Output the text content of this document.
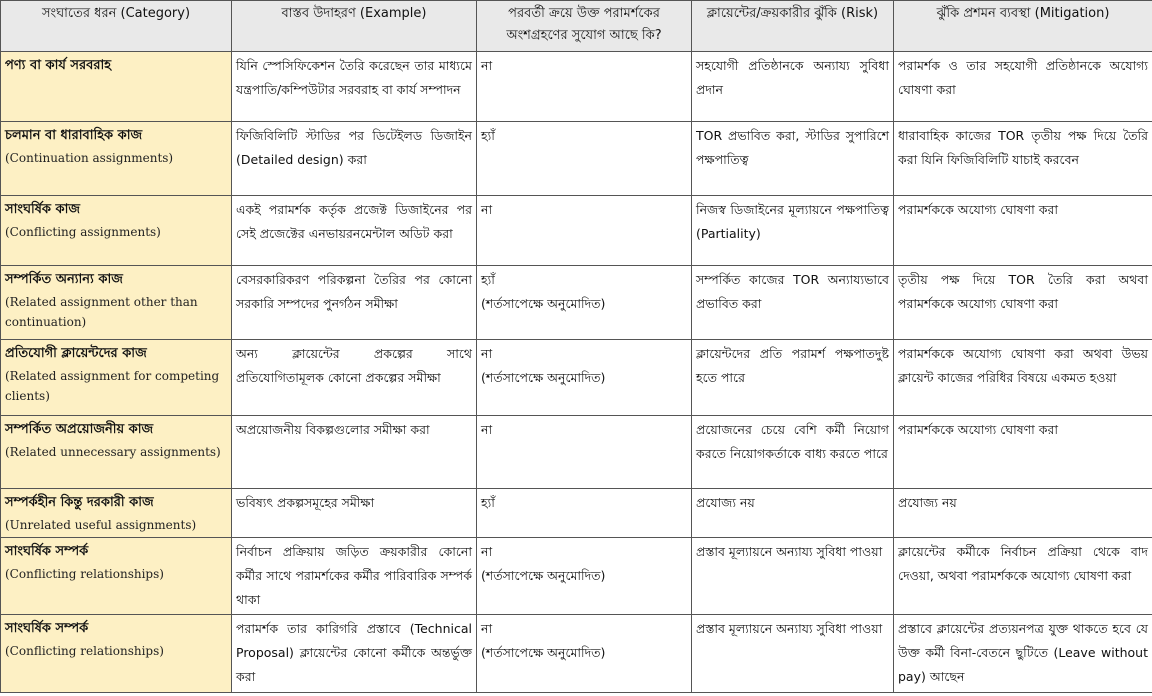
সংঘাতের ধরন (Category)	বাস্তব উদাহরণ (Example)	পরবর্তী ক্রয়ে উক্ত পরামর্শকের অংশগ্রহণের সুযোগ আছে কি?	ক্লায়েন্টের/ক্রয়কারীর ঝুঁকি (Risk)	ঝুঁকি প্রশমন ব্যবস্থা (Mitigation)

পণ্য বা কার্য সরবরাহ	যিনি স্পেসিফিকেশন তৈরি করেছেন তার মাধ্যমে যন্ত্রপাতি/কম্পিউটার সরবরাহ বা কার্য সম্পাদন	না	সহযোগী প্রতিষ্ঠানকে অন্যায্য সুবিধা প্রদান	পরামর্শক ও তার সহযোগী প্রতিষ্ঠানকে অযোগ্য ঘোষণা করা

চলমান বা ধারাবাহিক কাজ
(Continuation assignments)	ফিজিবিলিটি স্টাডির পর ডিটেইলড ডিজাইন (Detailed design) করা	হ্যাঁ	TOR প্রভাবিত করা, স্টাডির সুপারিশে পক্ষপাতিত্ব	ধারাবাহিক কাজের TOR তৃতীয় পক্ষ দিয়ে তৈরি করা যিনি ফিজিবিলিটি যাচাই করবেন

সাংঘর্ষিক কাজ
(Conflicting assignments)	একই পরামর্শক কর্তৃক প্রজেক্ট ডিজাইনের পর সেই প্রজেক্টের এনভায়রনমেন্টাল অডিট করা	না	নিজস্ব ডিজাইনের মূল্যায়নে পক্ষপাতিত্ব (Partiality)	পরামর্শককে অযোগ্য ঘোষণা করা

সম্পর্কিত অন্যান্য কাজ
(Related assignment other than continuation)	বেসরকারিকরণ পরিকল্পনা তৈরির পর কোনো সরকারি সম্পদের পুনর্গঠন সমীক্ষা	হ্যাঁ
(শর্তসাপেক্ষে অনুমোদিত)	সম্পর্কিত কাজের TOR অন্যায্যভাবে প্রভাবিত করা	তৃতীয় পক্ষ দিয়ে TOR তৈরি করা অথবা পরামর্শককে অযোগ্য ঘোষণা করা

প্রতিযোগী ক্লায়েন্টদের কাজ
(Related assignment for competing clients)	অন্য ক্লায়েন্টের প্রকল্পের সাথে প্রতিযোগিতামূলক কোনো প্রকল্পের সমীক্ষা	না
(শর্তসাপেক্ষে অনুমোদিত)	ক্লায়েন্টদের প্রতি পরামর্শ পক্ষপাতদুষ্ট হতে পারে	পরামর্শককে অযোগ্য ঘোষণা করা অথবা উভয় ক্লায়েন্ট কাজের পরিধির বিষয়ে একমত হওয়া

সম্পর্কিত অপ্রয়োজনীয় কাজ
(Related unnecessary assignments)	অপ্রয়োজনীয় বিকল্পগুলোর সমীক্ষা করা	না	প্রয়োজনের চেয়ে বেশি কর্মী নিয়োগ করতে নিয়োগকর্তাকে বাধ্য করতে পারে	পরামর্শককে অযোগ্য ঘোষণা করা

সম্পর্কহীন কিন্তু দরকারী কাজ
(Unrelated useful assignments)	ভবিষ্যৎ প্রকল্পসমূহের সমীক্ষা	হ্যাঁ	প্রযোজ্য নয়	প্রযোজ্য নয়

সাংঘর্ষিক সম্পর্ক
(Conflicting relationships)	নির্বাচন প্রক্রিয়ায় জড়িত ক্রয়কারীর কোনো কর্মীর সাথে পরামর্শকের কর্মীর পারিবারিক সম্পর্ক থাকা	না
(শর্তসাপেক্ষে অনুমোদিত)	প্রস্তাব মূল্যায়নে অন্যায্য সুবিধা পাওয়া	ক্লায়েন্টের কর্মীকে নির্বাচন প্রক্রিয়া থেকে বাদ দেওয়া, অথবা পরামর্শককে অযোগ্য ঘোষণা করা

সাংঘর্ষিক সম্পর্ক
(Conflicting relationships)	পরামর্শক তার কারিগরি প্রস্তাবে (Technical Proposal) ক্লায়েন্টের কোনো কর্মীকে অন্তর্ভুক্ত করা	না
(শর্তসাপেক্ষে অনুমোদিত)	প্রস্তাব মূল্যায়নে অন্যায্য সুবিধা পাওয়া	প্রস্তাবে ক্লায়েন্টের প্রত্যয়নপত্র যুক্ত থাকতে হবে যে উক্ত কর্মী বিনা-বেতনে ছুটিতে (Leave without pay) আছেন
